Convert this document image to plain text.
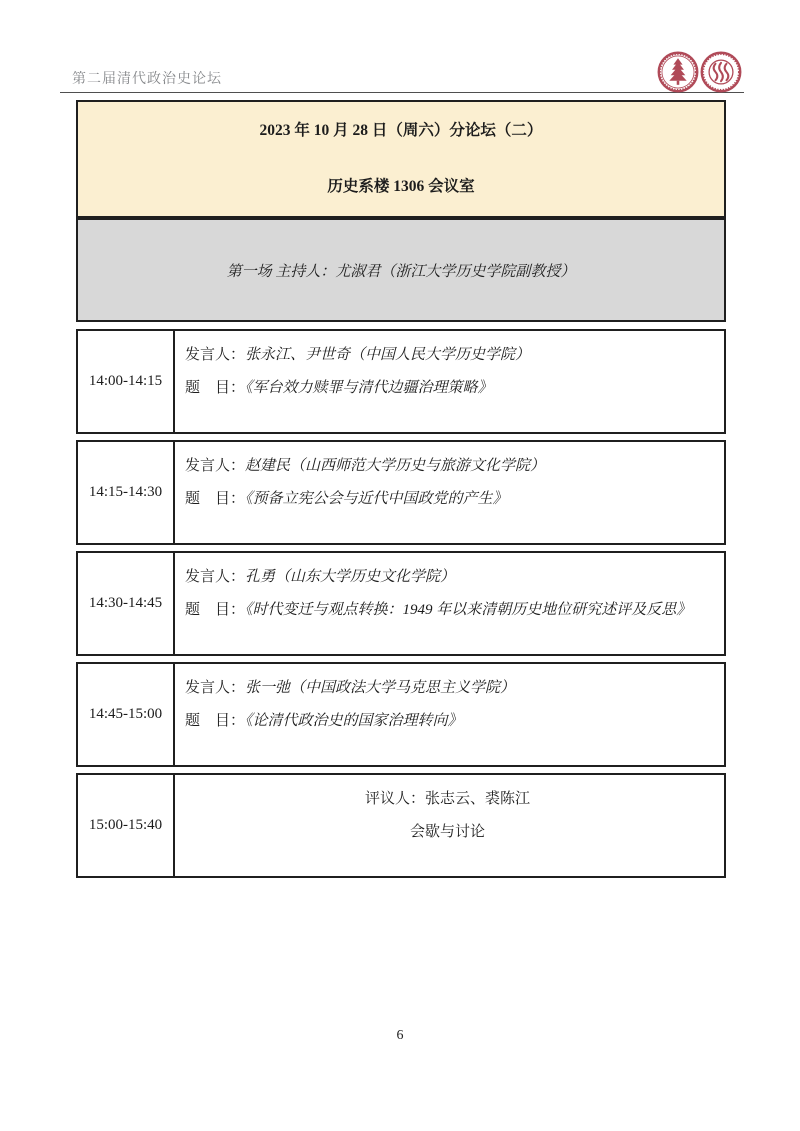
第二届清代政治史论坛
2023 年 10 月 28 日（周六）分论坛（二）
历史系楼 1306 会议室
第一场 主持人：尤淑君（浙江大学历史学院副教授）
14:00-14:15
发言人：张永江、尹世奇（中国人民大学历史学院）
题　目：《军台效力赎罪与清代边疆治理策略》
14:15-14:30
发言人：赵建民（山西师范大学历史与旅游文化学院）
题　目：《预备立宪公会与近代中国政党的产生》
14:30-14:45
发言人：孔勇（山东大学历史文化学院）
题　目：《时代变迁与观点转换：1949 年以来清朝历史地位研究述评及反思》
14:45-15:00
发言人：张一弛（中国政法大学马克思主义学院）
题　目：《论清代政治史的国家治理转向》
15:00-15:40
评议人：张志云、裘陈江
会歇与讨论
6
